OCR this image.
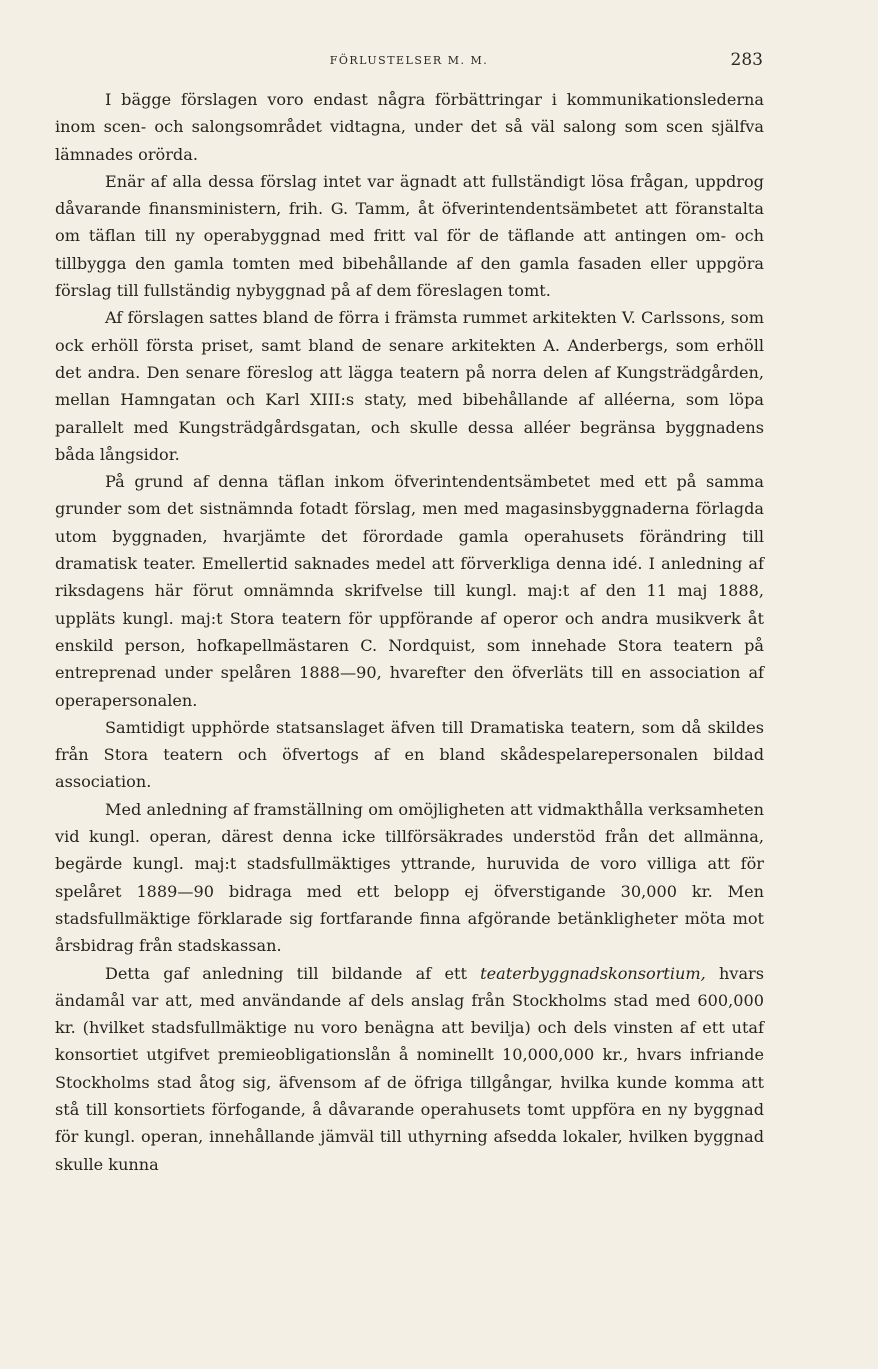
FÖRLUSTELSER M. M.	283

I bägge förslagen voro endast några förbättringar i kommunikationslederna inom scen- och salongsområdet vidtagna, under det så väl salong som scen själfva lämnades orörda.

Enär af alla dessa förslag intet var ägnadt att fullständigt lösa frågan, uppdrog dåvarande finansministern, frih. G. Tamm, åt öfverintendentsämbetet att föranstalta om täflan till ny operabyggnad med fritt val för de täflande att antingen om- och tillbygga den gamla tomten med bibehållande af den gamla fasaden eller uppgöra förslag till fullständig nybyggnad på af dem föreslagen tomt.

Af förslagen sattes bland de förra i främsta rummet arkitekten V. Carlssons, som ock erhöll första priset, samt bland de senare arkitekten A. Anderbergs, som erhöll det andra. Den senare föreslog att lägga teatern på norra delen af Kungsträdgården, mellan Hamngatan och Karl XIII:s staty, med bibehållande af alléerna, som löpa parallelt med Kungsträdgårdsgatan, och skulle dessa alléer begränsa byggnadens båda långsidor.

På grund af denna täflan inkom öfverintendentsämbetet med ett på samma grunder som det sistnämnda fotadt förslag, men med magasinsbyggnaderna förlagda utom byggnaden, hvarjämte det förordade gamla operahusets förändring till dramatisk teater. Emellertid saknades medel att förverkliga denna idé. I anledning af riksdagens här förut omnämnda skrifvelse till kungl. maj:t af den 11 maj 1888, uppläts kungl. maj:t Stora teatern för uppförande af operor och andra musikverk åt enskild person, hofkapellmästaren C. Nordquist, som innehade Stora teatern på entreprenad under spelåren 1888—90, hvarefter den öfverläts till en association af operapersonalen.

Samtidigt upphörde statsanslaget äfven till Dramatiska teatern, som då skildes från Stora teatern och öfvertogs af en bland skådespelarepersonalen bildad association.

Med anledning af framställning om omöjligheten att vidmakthålla verksamheten vid kungl. operan, därest denna icke tillförsäkrades understöd från det allmänna, begärde kungl. maj:t stadsfullmäktiges yttrande, huruvida de voro villiga att för spelåret 1889—90 bidraga med ett belopp ej öfverstigande 30,000 kr. Men stadsfullmäktige förklarade sig fortfarande finna afgörande betänkligheter möta mot årsbidrag från stadskassan.

Detta gaf anledning till bildande af ett teaterbyggnadskonsortium, hvars ändamål var att, med användande af dels anslag från Stockholms stad med 600,000 kr. (hvilket stadsfullmäktige nu voro benägna att bevilja) och dels vinsten af ett utaf konsortiet utgifvet premieobligationslån å nominellt 10,000,000 kr., hvars infriande Stockholms stad åtog sig, äfvensom af de öfriga tillgångar, hvilka kunde komma att stå till konsortiets förfogande, å dåvarande operahusets tomt uppföra en ny byggnad för kungl. operan, innehållande jämväl till uthyrning afsedda lokaler, hvilken byggnad skulle kunna
